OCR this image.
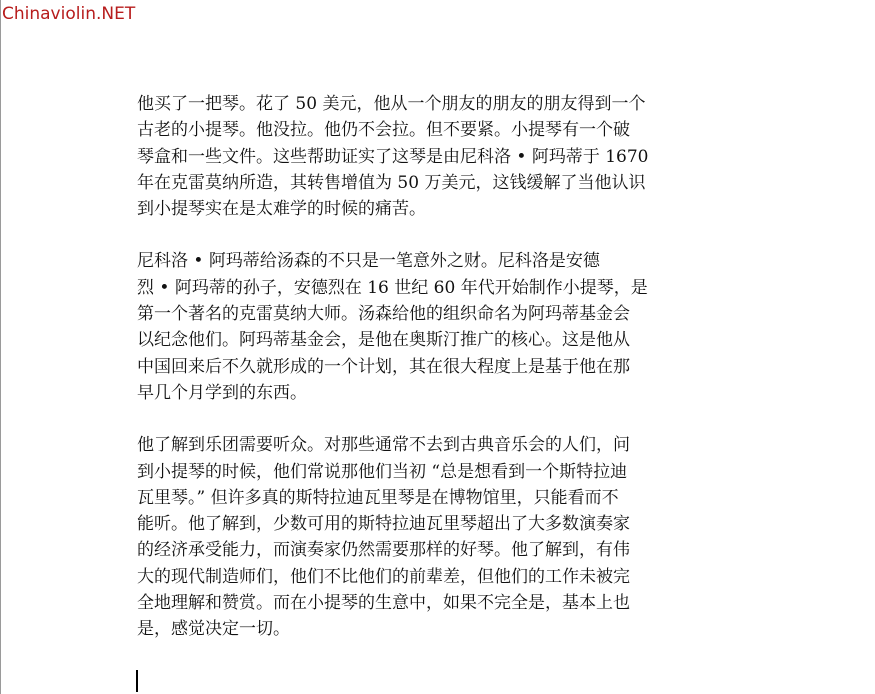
Chinaviolin.NET

他买了一把琴。花了 50 美元，他从一个朋友的朋友的朋友得到一个
古老的小提琴。他没拉。他仍不会拉。但不要紧。小提琴有一个破
琴盒和一些文件。这些帮助证实了这琴是由尼科洛 • 阿玛蒂于 1670
年在克雷莫纳所造，其转售增值为 50 万美元，这钱缓解了当他认识
到小提琴实在是太难学的时候的痛苦。

尼科洛 • 阿玛蒂给汤森的不只是一笔意外之财。尼科洛是安德
烈 • 阿玛蒂的孙子，安德烈在 16 世纪 60 年代开始制作小提琴，是
第一个著名的克雷莫纳大师。汤森给他的组织命名为阿玛蒂基金会
以纪念他们。阿玛蒂基金会，是他在奥斯汀推广的核心。这是他从
中国回来后不久就形成的一个计划，其在很大程度上是基于他在那
早几个月学到的东西。

他了解到乐团需要听众。对那些通常不去到古典音乐会的人们，问
到小提琴的时候，他们常说那他们当初 “总是想看到一个斯特拉迪
瓦里琴。” 但许多真的斯特拉迪瓦里琴是在博物馆里，只能看而不
能听。他了解到，少数可用的斯特拉迪瓦里琴超出了大多数演奏家
的经济承受能力，而演奏家仍然需要那样的好琴。他了解到，有伟
大的现代制造师们，他们不比他们的前辈差，但他们的工作未被完
全地理解和赞赏。而在小提琴的生意中，如果不完全是，基本上也
是，感觉决定一切。
